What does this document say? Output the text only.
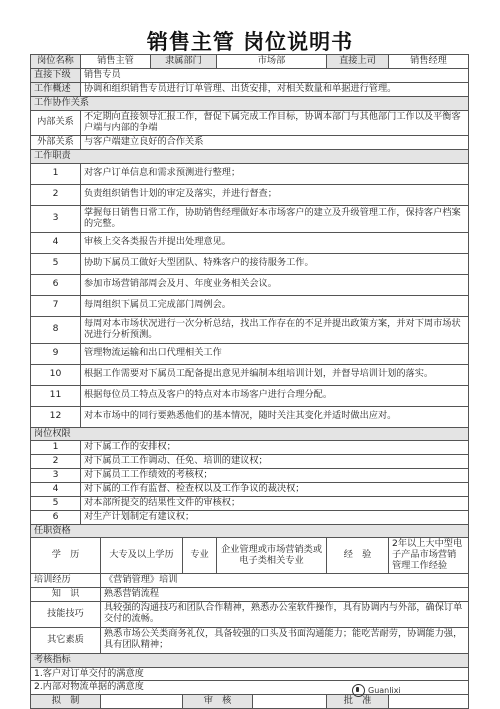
销售主管 岗位说明书
岗位名称	销售主管		隶属部门		市场部		直接上司	销售经理
直接下级	销售专员							
工作概述	协调和组织销售专员进行订单管理、出货安排，对相关数量和单据进行管理。							
工作协作关系								
内部关系	不定期向直接领导汇报工作，督促下属完成工作目标，协调本部门与其他部门工作以及平衡客户端与内部的争端							
外部关系	与客户端建立良好的合作关系							
工作职责								
1	对客户订单信息和需求预测进行整理；							
2	负责组织销售计划的审定及落实，并进行督查；							
3	掌握每日销售日常工作，协助销售经理做好本市场客户的建立及升级管理工作，保持客户档案的完整。							
4	审核上交各类报告并提出处理意见。							
5	协助下属员工做好大型团队、特殊客户的接待服务工作。							
6	参加市场营销部周会及月、年度业务相关会议。							
7	每周组织下属员工完成部门周例会。							
8	每周对本市场状况进行一次分析总结，找出工作存在的不足并提出政策方案，并对下周市场状况进行分析预测。							
9	管理物流运输和出口代理相关工作							
10	根据工作需要对下属员工配备提出意见并编制本组培训计划，并督导培训计划的落实。							
11	根据每位员工特点及客户的特点对本市场客户进行合理分配。							
12	对本市场中的同行要熟悉他们的基本情况，随时关注其变化并适时做出应对。							
岗位权限								
1	对下属工作的安排权；							
2	对下属员工工作调动、任免、培训的建议权；							
3	对下属员工工作绩效的考核权；							
4	对下属的工作有监督、检查权以及工作争议的裁决权；							
5	对本部所提交的结果性文件的审核权；							
6	对生产计划制定有建议权；							
任职资格								
学　历		大专及以上学历		专业	企业管理或市场营销类或电子类相关专业		经　验	2年以上大中型电子产品市场营销管理工作经验
培训经历		《营销管理》培训						
知　识		熟悉营销流程						
技能技巧		具较强的沟通技巧和团队合作精神，熟悉办公室软件操作，具有协调内与外部，确保订单交付的流畅。						
其它素质		熟悉市场公关类商务礼仪，具备较强的口头及书面沟通能力；能吃苦耐劳，协调能力强，具有团队精神；						
考核指标								
1.客户对订单交付的满意度								
2.内部对物流单据的满意度								
拟　制				审　核			批　准	
Guanlixi
